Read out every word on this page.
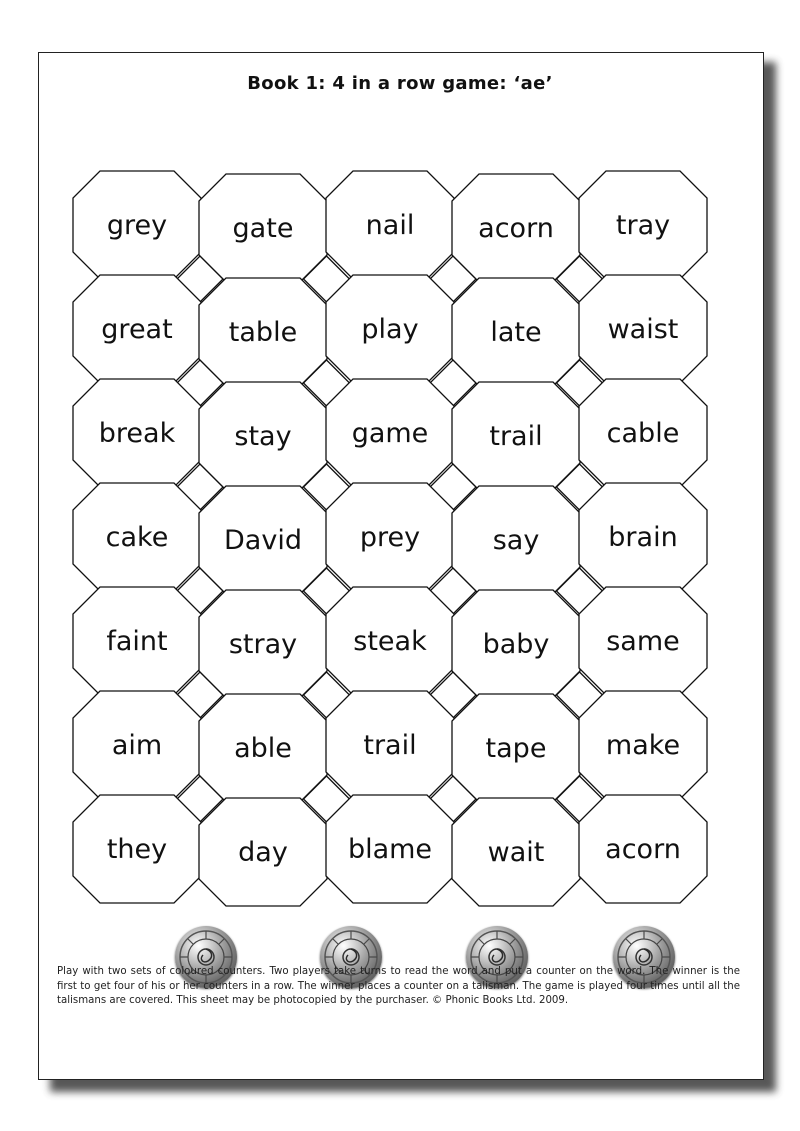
Book 1: 4 in a row game: ‘ae’
grey gate	nail acorn tray
great table play	late waist
break stay game trail cable
cake David prey	say	brain
faint stray steak baby same
aim	able	trail	tape make
they	day blame wait acorn
Play with two sets of coloured counters. Two players take turns to read the word and put a counter on the word. The winner is the first to get four of his or her counters in a row. The winner places a counter on a talisman. The game is played four times until all the talismans are covered. This sheet may be photocopied by the purchaser. © Phonic Books Ltd. 2009.
